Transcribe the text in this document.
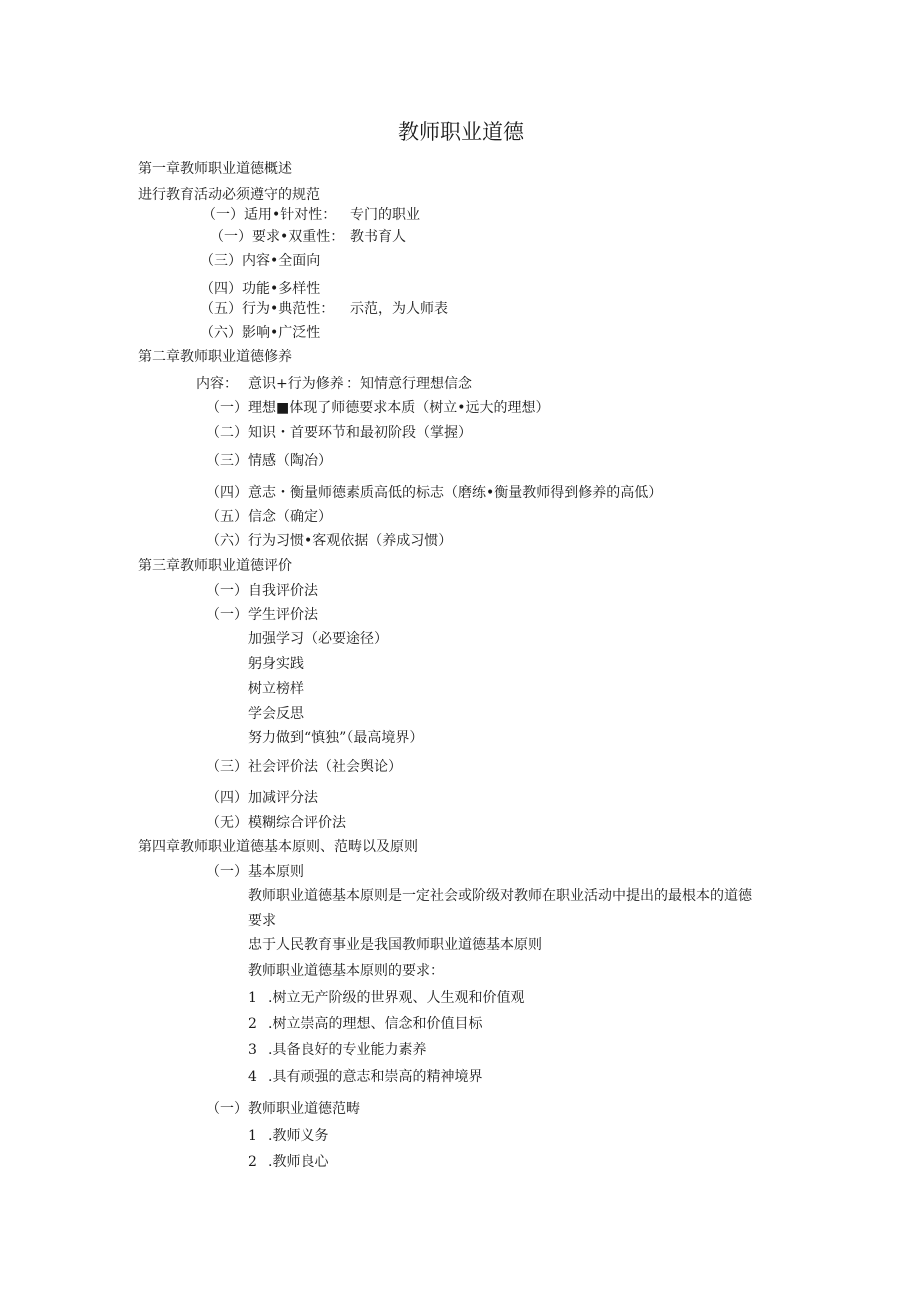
教师职业道德
第一章教师职业道德概述
进行教育活动必须遵守的规范
（一）适用•针对性： 专门的职业
（一）要求•双重性： 教书育人
（三）内容•全面向
（四）功能•多样性
（五）行为•典范性： 示范，为人师表
（六）影响•广泛性
第二章教师职业道德修养
内容： 意识+行为修养 ：知情意行理想信念
（一）理想■体现了师德要求本质（树立•远大的理想）
（二）知识・首要环节和最初阶段（掌握）
（三）情感（陶冶）
（四）意志・衡量师德素质高低的标志（磨练•衡量教师得到修养的高低）
（五）信念（确定）
（六）行为习惯•客观依据（养成习惯）
第三章教师职业道德评价
（一）自我评价法
（一）学生评价法
加强学习（必要途径）
躬身实践
树立榜样
学会反思
努力做到“慎独”（最高境界）
（三）社会评价法（社会舆论）
（四）加减评分法
（无）模糊综合评价法
第四章教师职业道德基本原则、范畴以及原则
（一）基本原则
教师职业道德基本原则是一定社会或阶级对教师在职业活动中提出的最根本的道德
要求
忠于人民教育事业是我国教师职业道德基本原则
教师职业道德基本原则的要求：
1 .树立无产阶级的世界观、人生观和价值观
2 .树立崇高的理想、信念和价值目标
3 .具备良好的专业能力素养
4 .具有顽强的意志和崇高的精神境界
（一）教师职业道德范畴
1 .教师义务
2 .教师良心
